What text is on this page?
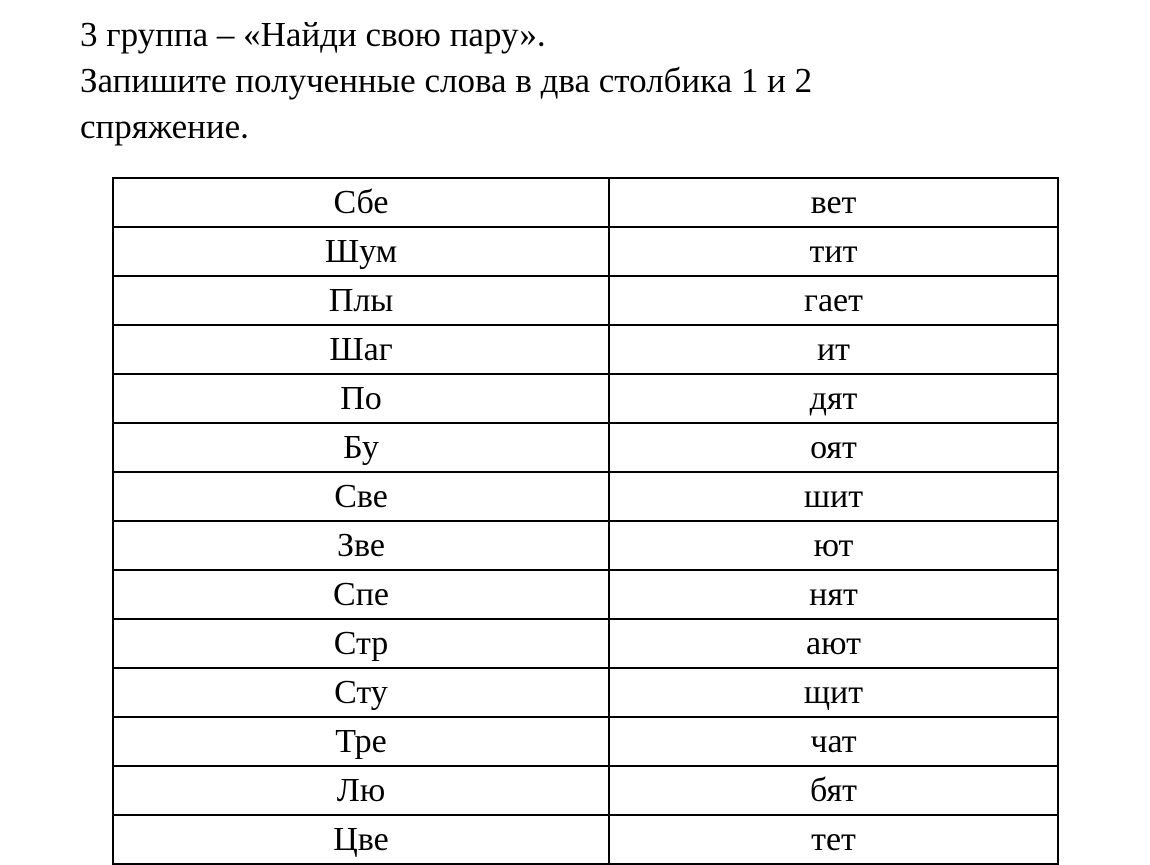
3 группа – «Найди свою пару».
Запишите полученные слова в два столбика 1 и 2
спряжение.
Сбе	вет
Шум	тит
Плы	гает
Шаг	ит
По	дят
Бу	оят
Све	шит
Зве	ют
Спе	нят
Стр	ают
Сту	щит
Тре	чат
Лю	бят
Цве	тет
